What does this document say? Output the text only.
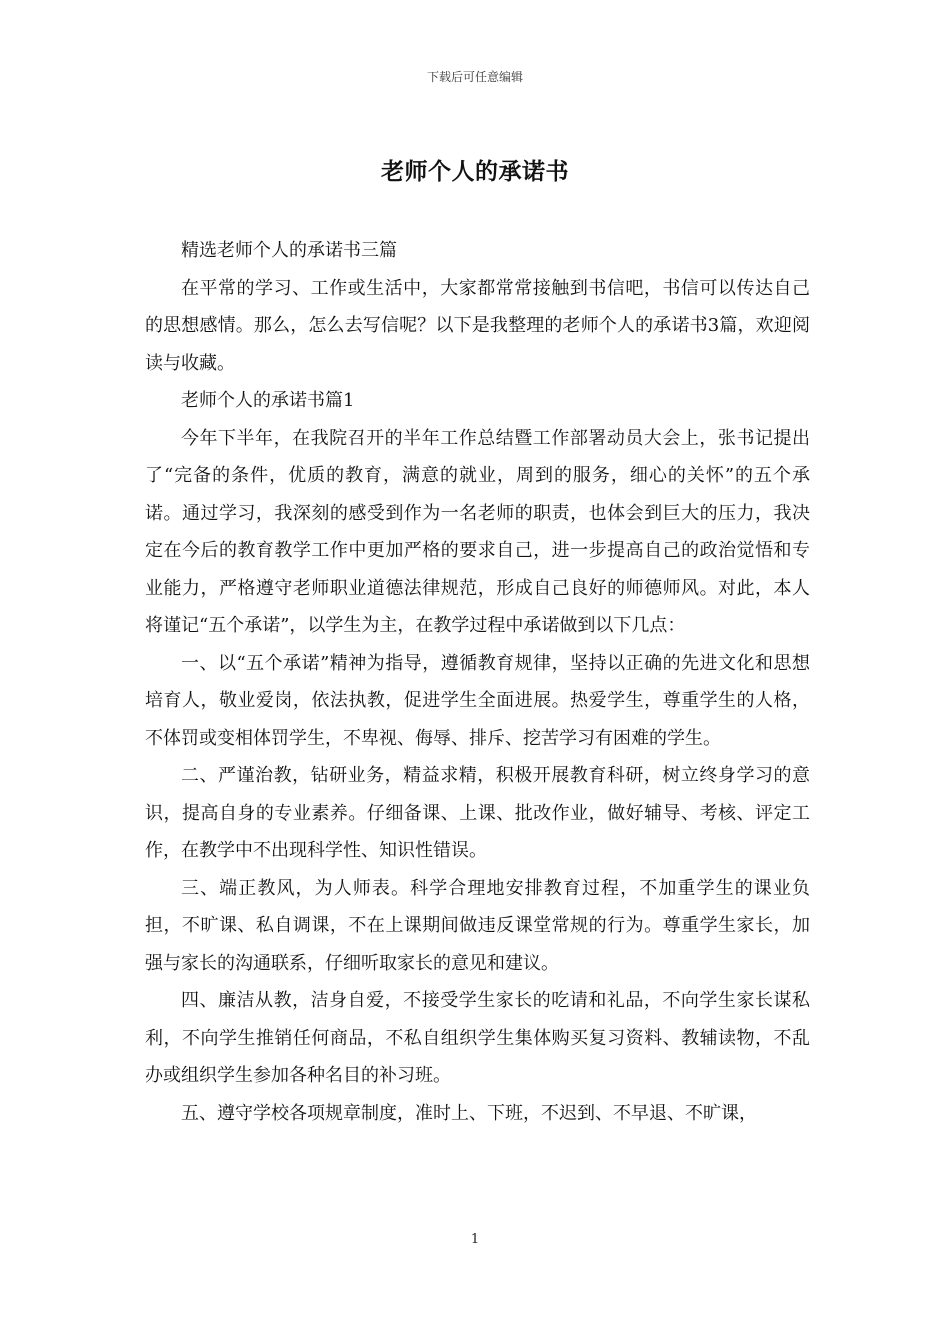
下载后可任意编辑
老师个人的承诺书

精选老师个人的承诺书三篇

在平常的学习、工作或生活中，大家都常常接触到书信吧，书信可以传达自己的思想感情。那么，怎么去写信呢？以下是我整理的老师个人的承诺书3篇，欢迎阅读与收藏。

老师个人的承诺书篇1

今年下半年，在我院召开的半年工作总结暨工作部署动员大会上，张书记提出了“完备的条件，优质的教育，满意的就业，周到的服务，细心的关怀”的五个承诺。通过学习，我深刻的感受到作为一名老师的职责，也体会到巨大的压力，我决定在今后的教育教学工作中更加严格的要求自己，进一步提高自己的政治觉悟和专业能力，严格遵守老师职业道德法律规范，形成自己良好的师德师风。对此，本人将谨记“五个承诺”，以学生为主，在教学过程中承诺做到以下几点：

一、以“五个承诺”精神为指导，遵循教育规律，坚持以正确的先进文化和思想培育人，敬业爱岗，依法执教，促进学生全面进展。热爱学生，尊重学生的人格，不体罚或变相体罚学生，不卑视、侮辱、排斥、挖苦学习有困难的学生。

二、严谨治教，钻研业务，精益求精，积极开展教育科研，树立终身学习的意识，提高自身的专业素养。仔细备课、上课、批改作业，做好辅导、考核、评定工作，在教学中不出现科学性、知识性错误。

三、端正教风，为人师表。科学合理地安排教育过程，不加重学生的课业负担，不旷课、私自调课，不在上课期间做违反课堂常规的行为。尊重学生家长，加强与家长的沟通联系，仔细听取家长的意见和建议。

四、廉洁从教，洁身自爱，不接受学生家长的吃请和礼品，不向学生家长谋私利，不向学生推销任何商品，不私自组织学生集体购买复习资料、教辅读物，不乱办或组织学生参加各种名目的补习班。

五、遵守学校各项规章制度，准时上、下班，不迟到、不早退、不旷课，

1
